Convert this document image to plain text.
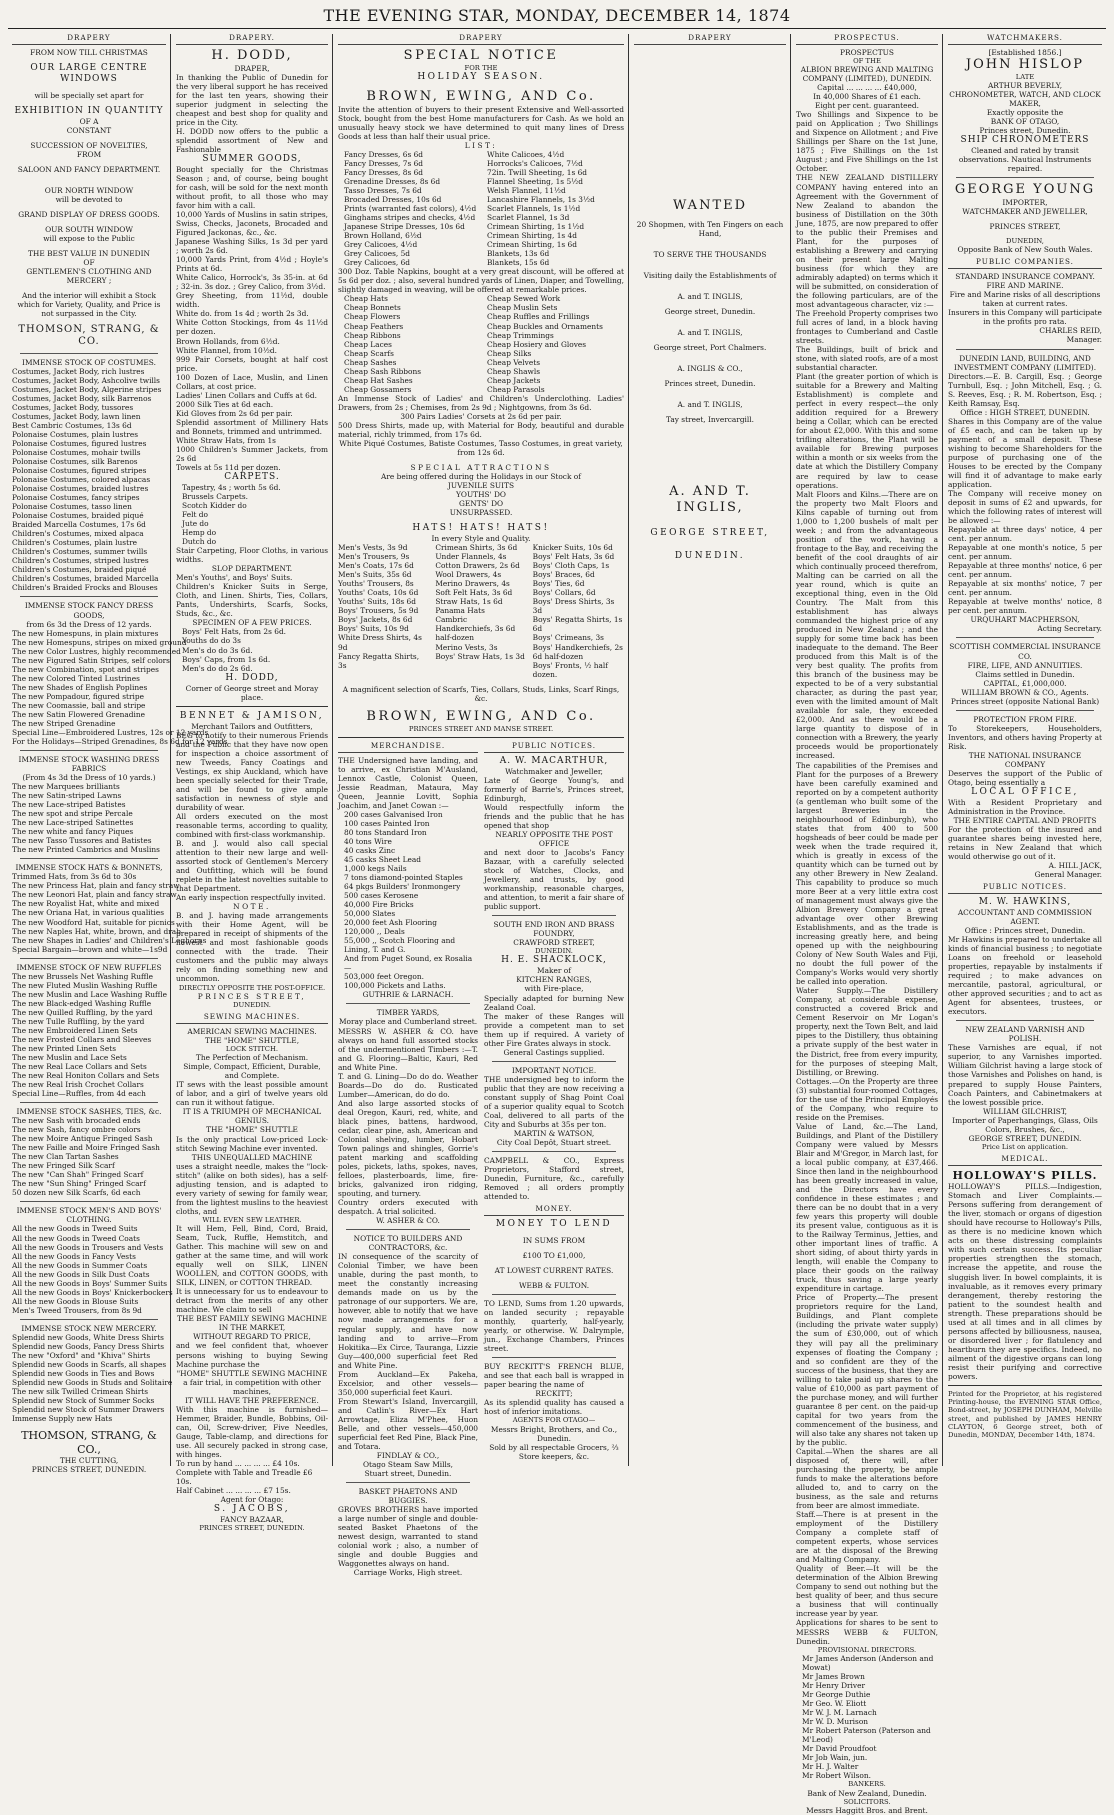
THE EVENING STAR, MONDAY, DECEMBER 14, 1874
DRAPERY
FROM NOW TILL CHRISTMAS
OUR LARGE CENTRE WINDOWS
will be specially set apart for
EXHIBITION IN QUANTITY
OF A
CONSTANT
SUCCESSION OF NOVELTIES,
FROM
SALOON AND FANCY DEPARTMENT.
OUR NORTH WINDOW
will be devoted to
GRAND DISPLAY OF DRESS GOODS.
OUR SOUTH WINDOW
will expose to the Public
THE BEST VALUE IN DUNEDIN
OF
GENTLEMEN'S CLOTHING AND
MERCERY ;
And the interior will exhibit a Stock which for Variety, Quality, and Price is not surpassed in the City.
THOMSON, STRANG, & CO.
IMMENSE STOCK OF COSTUMES.
Costumes, Jacket Body, rich lustres
Costumes, Jacket Body, Ashcolive twills
Costumes, Jacket Body, Algerine stripes
Costumes, Jacket Body, silk Barrenos
Costumes, Jacket Body, tussores
Costumes, Jacket Body, lawn linen
Best Cambric Costumes, 13s 6d
Polonaise Costumes, plain lustres
Polonaise Costumes, figured lustres
Polonaise Costumes, mohair twills
Polonaise Costumes, silk Barenos
Polonaise Costumes, figured stripes
Polonaise Costumes, colored alpacas
Polonaise Costumes, braided lustres
Polonaise Costumes, fancy stripes
Polonaise Costumes, tasso linen
Polonaise Costumes, braided piqué
Braided Marcella Costumes, 17s 6d
Children's Costumes, mixed alpaca
Children's Costumes, plain lustre
Children's Costumes, summer twills
Children's Costumes, striped lustres
Children's Costumes, braided piqué
Children's Costumes, braided Marcella
Children's Braided Frocks and Blouses
IMMENSE STOCK FANCY DRESS GOODS,
from 6s 3d the Dress of 12 yards.
The new Homespuns, in plain mixtures
The new Homespuns, stripes on mixed ground
The new Color Lustres, highly recommended
The new Figured Satin Stripes, self colors
The new Combination, spot and stripes
The new Colored Tinted Lustrines
The new Shades of English Poplines
The new Pompadour, figured stripe
The new Coomassie, ball and stripe
The new Satin Flowered Grenadine
The new Striped Grenadine
Special Line—Embroidered Lustres, 12s or 12 yards
For the Holidays—Striped Grenadines, 8s 6d for 12 yards
IMMENSE STOCK WASHING DRESS FABRICS
(From 4s 3d the Dress of 10 yards.)
The new Marquees brilliants
The new Satin-striped Lawns
The new Lace-striped Batistes
The new spot and stripe Percale
The new Lace-striped Satinettes
The new white and fancy Piques
The new Tasso Tussores and Batistes
The new Printed Cambrics and Muslins
IMMENSE STOCK HATS & BONNETS,
Trimmed Hats, from 3s 6d to 30s
The new Princess Hat, plain and fancy straw
The new Leonori Hat, plain and fancy straw
The new Royalist Hat, white and mixed
The new Oriana Hat, in various qualities
The new Woodford Hat, suitable for picnics
The new Naples Hat, white, brown, and drab
The new Shapes in Ladies' and Children's Leghorns
Special Bargain—brown and white—1s9d
IMMENSE STOCK OF NEW RUFFLES
The new Brussels Net Washing Ruffle
The new Fluted Muslin Washing Ruffle
The new Muslin and Lace Washing Ruffle
The new Black-edged Washing Ruffle
The new Quilled Ruffling, by the yard
The new Tulle Ruffling, by the yard
The new Embroidered Linen Sets
The new Frosted Collars and Sleeves
The new Printed Linen Sets
The new Muslin and Lace Sets
The new Real Lace Collars and Sets
The new Real Honiton Collars and Sets
The new Real Irish Crochet Collars
Special Line—Ruffles, from 4d each
IMMENSE STOCK SASHES, TIES, &c.
The new Sash with brocaded ends
The new Sash, fancy ombre colors
The new Moire Antique Fringed Sash
The new Faille and Moire Fringed Sash
The new Clan Tartan Sashes
The new Fringed Silk Scarf
The new "Can Shah" Fringed Scarf
The new "Sun Shing" Fringed Scarf
50 dozen new Silk Scarfs, 6d each
IMMENSE STOCK MEN'S AND BOYS' CLOTHING.
All the new Goods in Tweed Suits
All the new Goods in Tweed Coats
All the new Goods in Trousers and Vests
All the new Goods in Fancy Vests
All the new Goods in Summer Coats
All the new Goods in Silk Dust Coats
All the new Goods in Boys' Summer Suits
All the new Goods in Boys' Knickerbockers
All the new Goods in Blouse Suits
Men's Tweed Trousers, from 8s 9d
IMMENSE STOCK NEW MERCERY.
Splendid new Goods, White Dress Shirts
Splendid new Goods, Fancy Dress Shirts
The new "Oxford" and "Khiva" Shirts
Splendid new Goods in Scarfs, all shapes
Splendid new Goods in Ties and Bows
Splendid new Goods in Studs and Solitaire
The new silk Twilled Crimean Shirts
Splendid new Stock of Summer Socks
Splendid new Stock of Summer Drawers
Immense Supply new Hats
THOMSON, STRANG, & CO.,
THE CUTTING,
PRINCES STREET, DUNEDIN.
DRAPERY.
H. DODD,
DRAPER,
In thanking the Public of Dunedin for the very liberal support he has received for the last ten years, showing their superior judgment in selecting the cheapest and best shop for quality and price in the City.
H. DODD now offers to the public a splendid assortment of New and Fashionable
SUMMER GOODS,
Bought specially for the Christmas Season ; and, of course, being bought for cash, will be sold for the next month without profit, to all those who may favor him with a call.
10,000 Yards of Muslins in satin stripes, Swiss, Checks, Jaconets, Brocaded and Figured Jackonas, &c., &c.
Japanese Washing Silks, 1s 3d per yard ; worth 2s 6d.
10,000 Yards Print, from 4½d ; Hoyle's Prints at 6d.
White Calico, Horrock's, 3s 35-in. at 6d ; 32-in. 3s doz. ; Grey Calico, from 3½d.
Grey Sheeting, from 11½d, double width.
White do. from 1s 4d ; worth 2s 3d.
White Cotton Stockings, from 4s 11½d per dozen.
Brown Hollands, from 6½d.
White Flannel, from 10½d.
999 Pair Corsets, bought at half cost price.
100 Dozen of Lace, Muslin, and Linen Collars, at cost price.
Ladies' Linen Collars and Cuffs at 6d.
2000 Silk Ties at 6d each.
Kid Gloves from 2s 6d per pair.
Splendid assortment of Millinery Hats and Bonnets, trimmed and untrimmed.
White Straw Hats, from 1s
1000 Children's Summer Jackets, from 2s 6d
Towels at 5s 11d per dozen.
CARPETS.
Tapestry, 4s ; worth 5s 6d.
Brussels Carpets.
Scotch Kidder do
Felt do
Jute do
Hemp do
Dutch do
Stair Carpeting, Floor Cloths, in various widths.
SLOP DEPARTMENT.
Men's Youths', and Boys' Suits.
Children's Knicker Suits in Serge, Cloth, and Linen. Shirts, Ties, Collars, Pants, Undershirts, Scarfs, Socks, Studs, &c., &c.
SPECIMEN OF A FEW PRICES.
Boys' Felt Hats, from 2s 6d.
Youths do do 3s
Men's do do 3s 6d.
Boys' Caps, from 1s 6d.
Men's do do 2s 6d.
H. DODD,
Corner of George street and Moray place.
BENNET & JAMISON,
Merchant Tailors and Outfitters,
BEG to notify to their numerous Friends and the Public that they have now open for inspection a choice assortment of new Tweeds, Fancy Coatings and Vestings, ex ship Auckland, which have been specially selected for their Trade, and will be found to give ample satisfaction in newness of style and durability of wear.
All orders executed on the most reasonable terms, according to quality, combined with first-class workmanship.
B. and J. would also call special attention to their new large and well-assorted stock of Gentlemen's Mercery and Outfitting, which will be found replete in the latest novelties suitable to that Department.
An early inspection respectfully invited.
NOTE.
B. and J. having made arrangements with their Home Agent, will be prepared in receipt of shipments of the newest and most fashionable goods connected with the trade. Their customers and the public may always rely on finding something new and uncommon.
DIRECTLY OPPOSITE THE POST-OFFICE.
PRINCES STREET,
DUNEDIN.
SEWING MACHINES.
AMERICAN SEWING MACHINES.
THE "HOME" SHUTTLE,
LOCK STITCH.
The Perfection of Mechanism.
Simple, Compact, Efficient, Durable, and Complete.
IT sews with the least possible amount of labor, and a girl of twelve years old can run it without fatigue.
IT IS A TRIUMPH OF MECHANICAL GENIUS.
THE "HOME" SHUTTLE
Is the only practical Low-priced Lock-stitch Sewing Machine ever invented.
THIS UNEQUALLED MACHINE
uses a straight needle, makes the "lock-stitch" (alike on both sides), has a self-adjusting tension, and is adapted to every variety of sewing for family wear, from the lightest muslins to the heaviest cloths, and
WILL EVEN SEW LEATHER.
It will Hem, Fell, Bind, Cord, Braid, Seam, Tuck, Ruffle, Hemstitch, and Gather. This machine will sew on and gather at the same time, and will work equally well on SILK, LINEN WOOLLEN, and COTTON GOODS, with SILK, LINEN, or COTTON THREAD.
It is unnecessary for us to endeavour to detract from the merits of any other machine. We claim to sell
THE BEST FAMILY SEWING MACHINE IN THE MARKET,
WITHOUT REGARD TO PRICE,
and we feel confident that, whoever persons wishing to buying Sewing Machine purchase the
"HOME" SHUTTLE SEWING MACHINE
a fair trial, in competition with other machines,
IT WILL HAVE THE PREFERENCE.
With this machine is furnished—Hemmer, Braider, Bundle, Bobbins, Oil-can, Oil, Screw-driver, Five Needles, Gauge, Table-clamp, and directions for use. All securely packed in strong case, with hinges.
To run by hand ... ... ... ... £4 10s.
Complete with Table and Treadle £6 10s.
Half Cabinet ... ... ... ... £7 15s.
Agent for Otago:
S. JACOBS,
FANCY BAZAAR,
PRINCES STREET, DUNEDIN.
DRAPERY
SPECIAL NOTICE
FOR THE
HOLIDAY SEASON.
BROWN, EWING, AND Co.
Invite the attention of buyers to their present Extensive and Well-assorted Stock, bought from the best Home manufacturers for Cash. As we hold an unusually heavy stock we have determined to quit many lines of Dress Goods at less than half their usual price.
LIST:
Fancy Dresses, 6s 6d
Fancy Dresses, 7s 6d
Fancy Dresses, 8s 6d
Grenadine Dresses, 8s 6d
Tasso Dresses, 7s 6d
Brocaded Dresses, 10s 6d
Prints (warranted fast colors), 4½d
Ginghams stripes and checks, 4½d
Japanese Stripe Dresses, 10s 6d
Brown Holland, 6½d
Grey Calicoes, 4½d
Grey Calicoes, 5d
Grey Calicoes, 6d
White Calicoes, 4½d
Horrocks's Calicoes, 7½d
72in. Twill Sheeting, 1s 6d
Flannel Sheeting, 1s 5½d
Welsh Flannel, 11½d
Lancashire Flannels, 1s 3½d
Scarlet Flannels, 1s 1½d
Scarlet Flannel, 1s 3d
Crimean Shirting, 1s 1½d
Crimean Shirting, 1s 4d
Crimean Shirting, 1s 6d
Blankets, 13s 6d
Blankets, 15s 6d
300 Doz. Table Napkins, bought at a very great discount, will be offered at 5s 6d per doz. ; also, several hundred yards of Linen, Diaper, and Towelling, slightly damaged in weaving, will be offered at remarkable prices.
Cheap Hats
Cheap Bonnets
Cheap Flowers
Cheap Feathers
Cheap Ribbons
Cheap Laces
Cheap Scarfs
Cheap Sashes
Cheap Sash Ribbons
Cheap Hat Sashes
Cheap Gossamers
Cheap Sewed Work
Cheap Muslin Sets
Cheap Ruffles and Frillings
Cheap Buckles and Ornaments
Cheap Trimmings
Cheap Hosiery and Gloves
Cheap Silks
Cheap Velvets
Cheap Shawls
Cheap Jackets
Cheap Parasols
An Immense Stock of Ladies' and Children's Underclothing. Ladies' Drawers, from 2s ; Chemises, from 2s 9d ; Nightgowns, from 3s 6d.
300 Pairs Ladies' Corsets at 2s 6d per pair.
500 Dress Shirts, made up, with Material for Body, beautiful and durable material, richly trimmed, from 17s 6d.
White Piqué Costumes, Batiste Costumes, Tasso Costumes, in great variety, from 12s 6d.
SPECIAL ATTRACTIONS
Are being offered during the Holidays in our Stock of
JUVENILE SUITS
YOUTHS' DO
GENTS' DO
UNSURPASSED.
HATS! HATS! HATS!
In every Style and Quality.
Men's Vests, 3s 9d
Men's Trousers, 9s
Men's Coats, 17s 6d
Men's Suits, 35s 6d
Youths' Trousers, 8s
Youths' Coats, 10s 6d
Youths' Suits, 18s 6d
Boys' Trousers, 5s 9d
Boys' Jackets, 8s 6d
Boys' Suits, 10s 9d
White Dress Shirts, 4s 9d
Fancy Regatta Shirts, 3s
Crimean Shirts, 3s 6d
Under Flannels, 4s
Cotton Drawers, 2s 6d
Wool Drawers, 4s
Merino Drawers, 4s
Soft Felt Hats, 3s 6d
Straw Hats, 1s 6d
Panama Hats
Cambric Handkerchiefs, 3s 6d half-dozen
Merino Vests, 3s
Boys' Straw Hats, 1s 3d
Knicker Suits, 10s 6d
Boys' Felt Hats, 3s 6d
Boys' Cloth Caps, 1s
Boys' Braces, 6d
Boys' Ties, 6d
Boys' Collars, 6d
Boys' Dress Shirts, 3s 3d
Boys' Regatta Shirts, 1s 6d
Boys' Crimeans, 3s
Boys' Handkerchiefs, 2s 6d half-dozen
Boys' Fronts, ½ half dozen.
A magnificent selection of Scarfs, Ties, Collars, Studs, Links, Scarf Rings, &c.
BROWN, EWING, AND Co.
PRINCES STREET AND MANSE STREET.
MERCHANDISE.
THE Undersigned have landing, and to arrive, ex Christian M'Ausland, Lennox Castle, Colonist Queen, Jessie Readman, Mataura, May Queen, Jeannie Lovitt, Sophia Joachim, and Janet Cowan :—
200 cases Galvanised Iron
100 cases Painted Iron
80 tons Standard Iron
40 tons Wire
40 casks Zinc
45 casks Sheet Lead
1,000 kegs Nails
7 tons diamond-pointed Staples
64 pkgs Builders' Ironmongery
500 cases Kerosene
40,000 Fire Bricks
50,000 Slates
20,000 feet Ash Flooring
120,000 ,, Deals
55,000 ,, Scotch Flooring and Lining, T. and G.
And from Puget Sound, ex Rosalia—
503,000 feet Oregon.
100,000 Pickets and Laths.
GUTHRIE & LARNACH.
TIMBER YARDS,
Moray place and Cumberland street.
MESSRS W. ASHER & CO. have always on hand full assorted stocks of the undermentioned Timbers :—T. and G. Flooring—Baltic, Kauri, Red and White Pine.
T. and G. Lining—Do do do. Weather Boards—Do do do. Rusticated Lumber—American, do do do.
And also large assorted stocks of deal Oregon, Kauri, red, white, and black pines, battens, hardwood, cedar, clear pine, ash, American and Colonial shelving, lumber, Hobart Town palings and shingles, Gorrie's patent marking and scaffolding poles, pickets, laths, spokes, naves, felloes, plasterboards, lime, fire-bricks, galvanized iron ridging, spouting, and turnery.
Country orders executed with despatch. A trial solicited.
W. ASHER & CO.
NOTICE TO BUILDERS AND CONTRACTORS, &c.
IN consequence of the scarcity of Colonial Timber, we have been unable, during the past month, to meet the constantly increasing demands made on us by the patronage of our supporters. We are, however, able to notify that we have now made arrangements for a regular supply, and have now landing and to arrive—From Hokitika—Ex Circe, Tauranga, Lizzie Guy—400,000 superficial feet Red and White Pine.
From Auckland—Ex Pakeha, Excelsior, and other vessels—350,000 superficial feet Kauri.
From Stewart's Island, Invercargill, and Catlin's River—Ex Hart Arrowtage, Eliza M'Phee, Huon Belle, and other vessels—450,000 superficial feet Red Pine, Black Pine, and Totara.
FINDLAY & CO.,
Otago Steam Saw Mills,
Stuart street, Dunedin.
BASKET PHAETONS AND BUGGIES.
GROVES BROTHERS have imported a large number of single and double-seated Basket Phaetons of the newest design, warranted to stand colonial work ; also, a number of single and double Buggies and Waggonettes always on hand.
Carriage Works, High street.
PUBLIC NOTICES.
A. W. MACARTHUR,
Watchmaker and Jeweller,
Late of George Young's, and formerly of Barrie's, Princes street, Edinburgh,
Would respectfully inform the friends and the public that he has opened that shop
NEARLY OPPOSITE THE POST OFFICE
and next door to Jacobs's Fancy Bazaar, with a carefully selected stock of Watches, Clocks, and Jewellery, and trusts, by good workmanship, reasonable charges, and attention, to merit a fair share of public support.
SOUTH END IRON AND BRASS FOUNDRY,
CRAWFORD STREET,
DUNEDIN.
H. E. SHACKLOCK,
Maker of
KITCHEN RANGES,
with Fire-place,
Specially adapted for burning New Zealand Coal.
The maker of these Ranges will provide a competent man to set them up if required. A variety of other Fire Grates always in stock.
General Castings supplied.
IMPORTANT NOTICE.
THE undersigned beg to inform the public that they are now receiving a constant supply of Shag Point Coal of a superior quality equal to Scotch Coal, delivered to all parts of the City and Suburbs at 35s per ton.
MARTIN & WATSON,
City Coal Depôt, Stuart street.
CAMPBELL & CO., Express Proprietors, Stafford street, Dunedin, Furniture, &c., carefully Removed ; all orders promptly attended to.
MONEY.
MONEY TO LEND
IN SUMS FROM
£100 TO £1,000,
AT LOWEST CURRENT RATES.
WEBB & FULTON.
TO LEND, Sums from 1.20 upwards, on landed security ; repayable monthly, quarterly, half-yearly, yearly, or otherwise. W. Dalrymple, jun., Exchange Chambers, Princes street.
BUY RECKITT'S FRENCH BLUE, and see that each ball is wrapped in paper bearing the name of
RECKITT;
As its splendid quality has caused a host of inferior imitations.
AGENTS FOR OTAGO—
Messrs Bright, Brothers, and Co., Dunedin.
Sold by all respectable Grocers, ⅔ Store keepers, &c.
DRAPERY
WANTED
20 Shopmen, with Ten Fingers on each Hand,
TO SERVE THE THOUSANDS
Visiting daily the Establishments of
A. and T. INGLIS,
George street, Dunedin.
A. and T. INGLIS,
George street, Port Chalmers.
A. INGLIS & CO.,
Princes street, Dunedin.
A. and T. INGLIS,
Tay street, Invercargill.
A. AND T. INGLIS,
GEORGE STREET,
DUNEDIN.
PROSPECTUS.
PROSPECTUS
OF THE
ALBION BREWING AND MALTING COMPANY (LIMITED), DUNEDIN.
Capital ... ... ... ... £40,000,
In 40,000 Shares of £1 each.
Eight per cent. guaranteed.
Two Shillings and Sixpence to be paid on Application ; Two Shillings and Sixpence on Allotment ; and Five Shillings per Share on the 1st June, 1875 ; Five Shillings on the 1st August ; and Five Shillings on the 1st October.
THE NEW ZEALAND DISTILLERY COMPANY having entered into an Agreement with the Government of New Zealand to abandon the business of Distillation on the 30th June, 1875, are now prepared to offer to the public their Premises and Plant, for the purposes of establishing a Brewery and carrying on their present large Malting business (for which they are admirably adapted) on terms which it will be submitted, on consideration of the following particulars, are of the most advantageous character, viz :—
The Freehold Property comprises two full acres of land, in a block having frontages to Cumberland and Castle streets.
The Buildings, built of brick and stone, with slated roofs, are of a most substantial character.
Plant (the greater portion of which is suitable for a Brewery and Malting Establishment) is complete and perfect in every respect—the only addition required for a Brewery being a Collar, which can be erected for about £2,000. With this and some trifling alterations, the Plant will be available for Brewing purposes within a month or six weeks from the date at which the Distillery Company are required by law to cease operations.
Malt Floors and Kilns.—There are on the property two Malt Floors and Kilns capable of turning out from 1,000 to 1,200 bushels of malt per week ; and from the advantageous position of the work, having a frontage to the Bay, and receiving the benefit of the cool draughts of air which continually proceed therefrom, Malting can be carried on all the year round, which is quite an exceptional thing, even in the Old Country. The Malt from this establishment has always commanded the highest price of any produced in New Zealand ; and the supply for some time back has been inadequate to the demand. The Beer produced from this Malt is of the very best quality. The profits from this branch of the business may be expected to be of a very substantial character, as during the past year, even with the limited amount of Malt available for sale, they exceeded £2,000. And as there would be a large quantity to dispose of in connection with a Brewery, the yearly proceeds would be proportionately increased.
The capabilities of the Premises and Plant for the purposes of a Brewery have been carefully examined and reported on by a competent authority (a gentleman who built some of the largest Breweries in the neighbourhood of Edinburgh), who states that from 400 to 500 hogsheads of beer could be made per week when the trade required it, which is greatly in excess of the quantity which can be turned out by any other Brewery in New Zealand. This capability to produce so much more Beer at a very little extra cost of management must always give the Albion Brewery Company a great advantage over other Brewing Establishments, and as the trade is increasing greatly here, and being opened up with the neighbouring Colony of New South Wales and Fiji, no doubt the full power of the Company's Works would very shortly be called into operation.
Water Supply.—The Distillery Company, at considerable expense, constructed a covered Brick and Cement Reservoir on Mr Logan's property, next the Town Belt, and laid pipes to the Distillery, thus obtaining a private supply of the best water in the District, free from every impurity, for the purposes of steeping Malt, Distilling, or Brewing.
Cottages.—On the Property are three (3) substantial four-roomed Cottages, for the use of the Principal Employés of the Company, who require to reside on the Premises.
Value of Land, &c.—The Land, Buildings, and Plant of the Distillery Company were valued by Messrs Blair and M'Gregor, in March last, for a local public company, at £37,466. Since then land in the neighbourhood has been greatly increased in value, and the Directors have every confidence in these estimates ; and there can be no doubt that in a very few years this property will double its present value, contiguous as it is to the Railway Terminus, Jetties, and other important lines of traffic. A short siding, of about thirty yards in length, will enable the Company to place their goods on the railway truck, thus saving a large yearly expenditure in cartage.
Price of Property.—The present proprietors require for the Land, Buildings, and Plant complete (including the private water supply) the sum of £30,000, out of which they will pay all the preliminary expenses of floating the Company ; and so confident are they of the success of the business, that they are willing to take paid up shares to the value of £10,000 as part payment of the purchase money, and will further guarantee 8 per cent. on the paid-up capital for two years from the commencement of the business, and will also take any shares not taken up by the public.
Capital.—When the shares are all disposed of, there will, after purchasing the property, be ample funds to make the alterations before alluded to, and to carry on the business, as the sale and returns from beer are almost immediate.
Staff.—There is at present in the employment of the Distillery Company a complete staff of competent experts, whose services are at the disposal of the Brewing and Malting Company.
Quality of Beer.—It will be the determination of the Albion Brewing Company to send out nothing but the best quality of beer, and thus secure a business that will continually increase year by year.
Applications for shares to be sent to MESSRS WEBB & FULTON, Dunedin.
PROVISIONAL DIRECTORS.
Mr James Anderson (Anderson and Mowat)
Mr James Brown
Mr Henry Driver
Mr George Duthie
Mr Geo. W. Eliott
Mr W. J. M. Larnach
Mr W. D. Murison
Mr Robert Paterson (Paterson and M'Leod)
Mr David Proudfoot
Mr Job Wain, jun.
Mr H. J. Walter
Mr Robert Wilson.
BANKERS.
Bank of New Zealand, Dunedin.
SOLICITORS.
Messrs Haggitt Bros. and Brent.
WATCHMAKERS.
[Established 1856.]
JOHN HISLOP
LATE
ARTHUR BEVERLY,
CHRONOMETER, WATCH, AND CLOCK MAKER,
Exactly opposite the
BANK OF OTAGO,
Princes street, Dunedin.
SHIP CHRONOMETERS
Cleaned and rated by transit observations. Nautical Instruments repaired.
GEORGE YOUNG
IMPORTER,
WATCHMAKER AND JEWELLER,
PRINCES STREET,
DUNEDIN,
Opposite Bank of New South Wales.
PUBLIC COMPANIES.
STANDARD INSURANCE COMPANY.
FIRE AND MARINE.
Fire and Marine risks of all descriptions taken at current rates.
Insurers in this Company will participate in the profits pro rata.
CHARLES REID,
Manager.
DUNEDIN LAND, BUILDING, AND INVESTMENT COMPANY (LIMITED).
Directors.—E. B. Cargill, Esq. ; George Turnbull, Esq. ; John Mitchell, Esq. ; G. S. Reeves, Esq. ; R. M. Robertson, Esq. ; Keith Ramsay, Esq.
Office : HIGH STREET, DUNEDIN.
Shares in this Company are of the value of £5 each, and can be taken up by payment of a small deposit. These wishing to become Shareholders for the purpose of purchasing one of the Houses to be erected by the Company will find it of advantage to make early application.
The Company will receive money on deposit in sums of £2 and upwards, for which the following rates of interest will be allowed :—
Repayable at three days' notice, 4 per cent. per annum.
Repayable at one month's notice, 5 per cent. per annum.
Repayable at three months' notice, 6 per cent. per annum.
Repayable at six months' notice, 7 per cent. per annum.
Repayable at twelve months' notice, 8 per cent. per annum.
URQUHART MACPHERSON,
Acting Secretary.
SCOTTISH COMMERCIAL INSURANCE CO.
FIRE, LIFE, AND ANNUITIES.
Claims settled in Dunedin.
CAPITAL, £1,000,000.
WILLIAM BROWN & CO., Agents.
Princes street (opposite National Bank)
PROTECTION FROM FIRE.
To Storekeepers, Householders, Inventors, and others having Property at Risk.
THE NATIONAL INSURANCE COMPANY
Deserves the support of the Public of Otago, being essentially a
LOCAL OFFICE,
With a Resident Proprietary and Administration in the Province.
THE ENTIRE CAPITAL AND PROFITS
For the protection of the insured and guarantee shares being invested here, retains in New Zealand that which would otherwise go out of it.
A. HILL JACK,
General Manager.
PUBLIC NOTICES.
M. W. HAWKINS,
ACCOUNTANT AND COMMISSION AGENT.
Office : Princes street, Dunedin.
Mr Hawkins is prepared to undertake all kinds of financial business ; to negotiate Loans on freehold or leasehold properties, repayable by instalments if required ; to make advances on mercantile, pastoral, agricultural, or other approved securities ; and to act as Agent for absentees, trustees, or executors.
NEW ZEALAND VARNISH AND POLISH.
These Varnishes are equal, if not superior, to any Varnishes imported. William Gilchrist having a large stock of those Varnishes and Polishes on hand, is prepared to supply House Painters, Coach Painters, and Cabinetmakers at the lowest possible price.
WILLIAM GILCHRIST,
Importer of Paperhangings, Glass, Oils Colors, Brushes, &c.,
GEORGE STREET, DUNEDIN.
Price List on application.
MEDICAL.
HOLLOWAY'S PILLS.
HOLLOWAY'S PILLS.—Indigestion, Stomach and Liver Complaints.—Persons suffering from derangement of the liver, stomach or organs of digestion should have recourse to Holloway's Pills, as there is no medicine known which acts on these distressing complaints with such certain success. Its peculiar properties strengthen the stomach, increase the appetite, and rouse the sluggish liver. In bowel complaints, it is invaluable, as it removes every primary derangement, thereby restoring the patient to the soundest health and strength. These preparations should be used at all times and in all climes by persons affected by billiousness, nausea, or disordered liver ; for flatulency and heartburn they are specifics. Indeed, no ailment of the digestive organs can long resist their purifying and corrective powers.
Printed for the Proprietor, at his registered Printing-house, the EVENING STAR Office, Bond-street, by JOSEPH DUNHAM, Melville street, and published by JAMES HENRY CLAYTON, 6 George street, both of Dunedin, MONDAY, December 14th, 1874.
